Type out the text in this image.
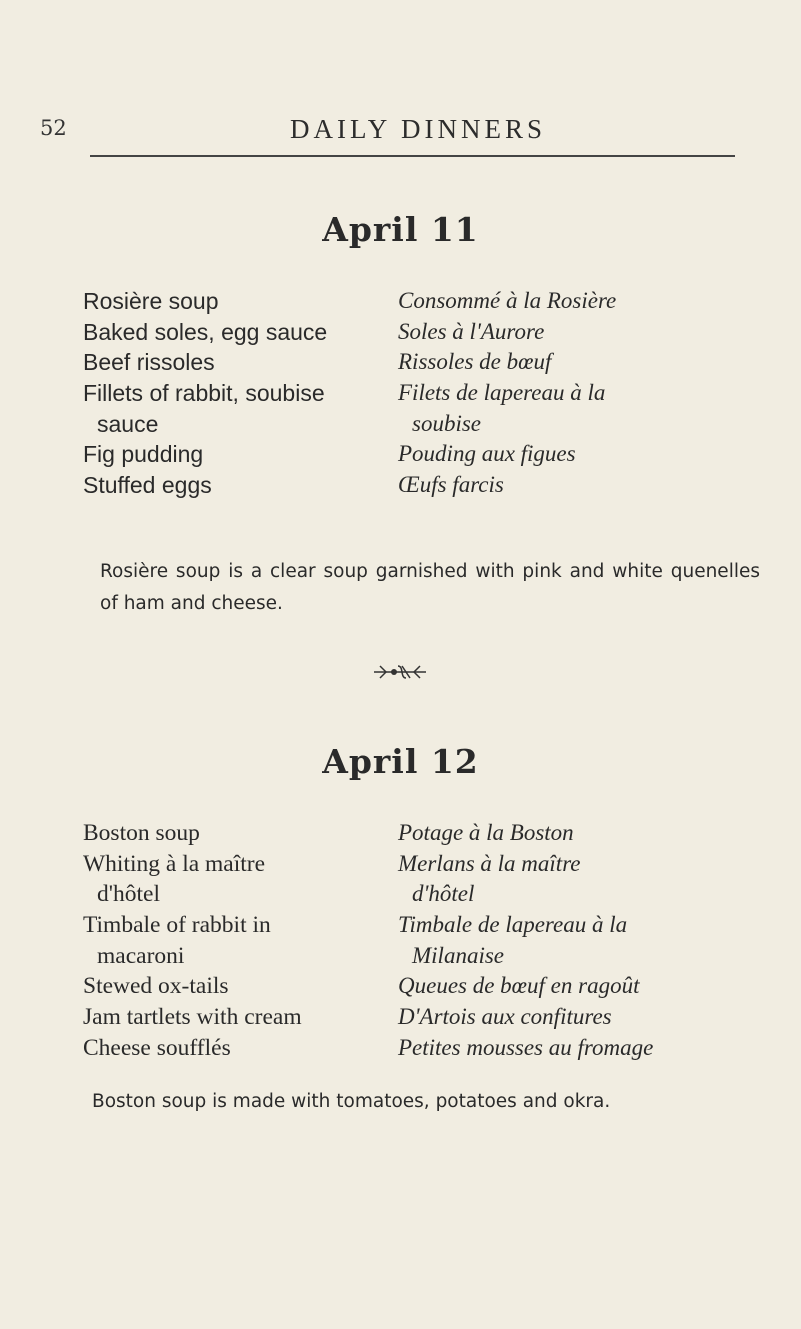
52	DAILY DINNERS
April 11
Rosière soup
Baked soles, egg sauce
Beef rissoles
Fillets of rabbit, soubise
sauce
Fig pudding
Stuffed eggs
Consommé à la Rosière
Soles à l'Aurore
Rissoles de bœuf
Filets de lapereau à la
soubise
Pouding aux figues
Œufs farcis
Rosière soup is a clear soup garnished with pink and white quenelles of ham and cheese.
April 12
Boston soup
Whiting à la maître
d'hôtel
Timbale of rabbit in
macaroni
Stewed ox-tails
Jam tartlets with cream
Cheese soufflés
Potage à la Boston
Merlans à la maître
d'hôtel
Timbale de lapereau à la
Milanaise
Queues de bœuf en ragoût
D'Artois aux confitures
Petites mousses au fromage
Boston soup is made with tomatoes, potatoes and okra.
